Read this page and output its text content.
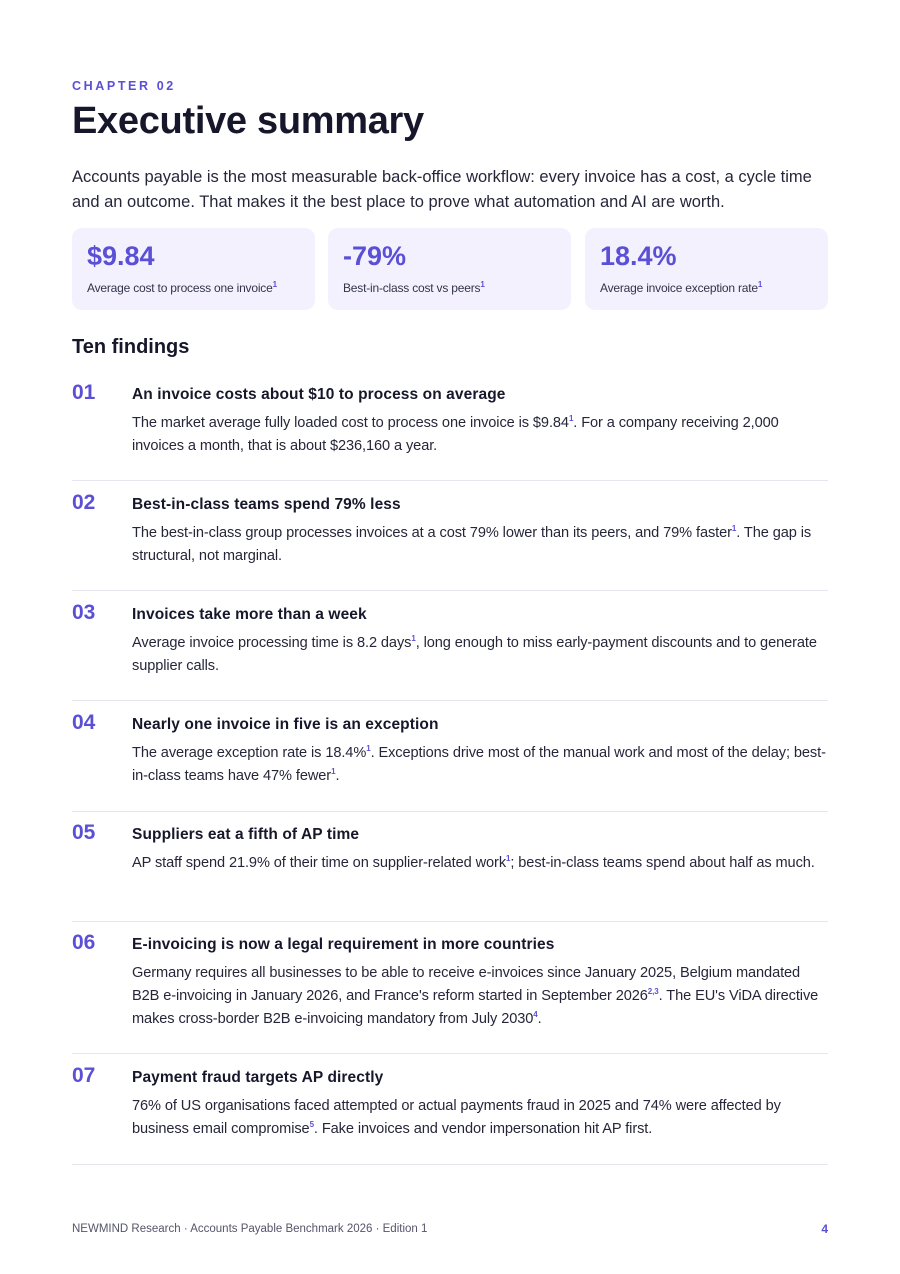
CHAPTER 02
Executive summary

Accounts payable is the most measurable back-office workflow: every invoice has a cost, a cycle time and an outcome. That makes it the best place to prove what automation and AI are worth.

$9.84
Average cost to process one invoice$^1$
-79%
Best-in-class cost vs peers$^1$
18.4%
Average invoice exception rate$^1$
Ten findings
01 An invoice costs about $10 to process on average
The market average fully loaded cost to process one invoice is $9.84$^1$. For a company receiving 2,000 invoices a month, that is about $236,160 a year.
02 Best-in-class teams spend 79% less
The best-in-class group processes invoices at a cost 79% lower than its peers, and 79% faster$^1$. The gap is structural, not marginal.
03 Invoices take more than a week
Average invoice processing time is 8.2 days$^1$, long enough to miss early-payment discounts and to generate supplier calls.
04 Nearly one invoice in five is an exception
The average exception rate is 18.4%$^1$. Exceptions drive most of the manual work and most of the delay; best-in-class teams have 47% fewer$^1$.
05 Suppliers eat a fifth of AP time
AP staff spend 21.9% of their time on supplier-related work$^1$; best-in-class teams spend about half as much.
06 E-invoicing is now a legal requirement in more countries
Germany requires all businesses to be able to receive e-invoices since January 2025, Belgium mandated B2B e-invoicing in January 2026, and France's reform started in September 2026$^{2,3}$. The EU's ViDA directive makes cross-border B2B e-invoicing mandatory from July 2030$^4$.
07 Payment fraud targets AP directly
76% of US organisations faced attempted or actual payments fraud in 2025 and 74% were affected by business email compromise$^5$. Fake invoices and vendor impersonation hit AP first.
NEWMIND Research · Accounts Payable Benchmark 2026 · Edition 1	4
